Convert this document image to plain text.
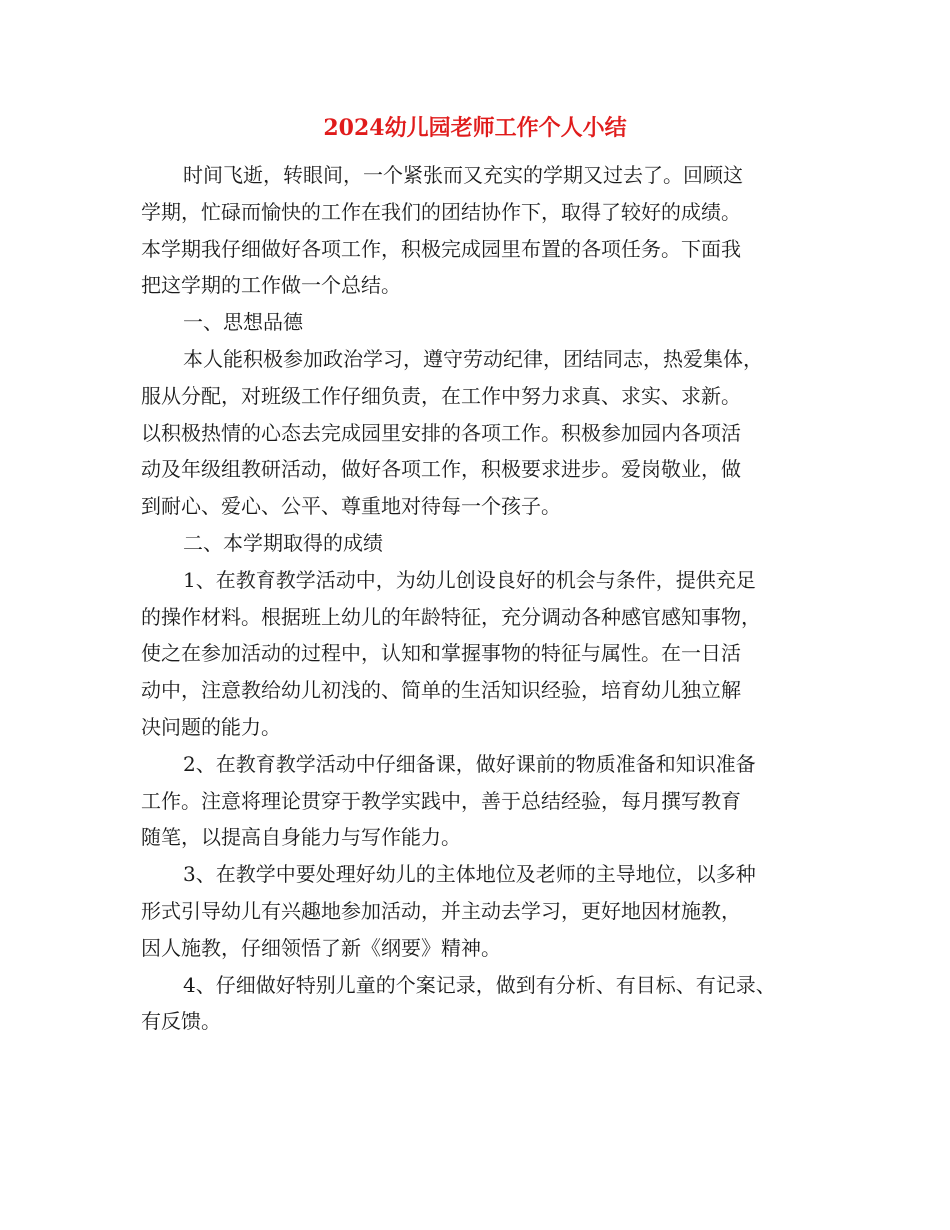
2024幼儿园老师工作个人小结

时间飞逝，转眼间，一个紧张而又充实的学期又过去了。回顾这
学期，忙碌而愉快的工作在我们的团结协作下，取得了较好的成绩。
本学期我仔细做好各项工作，积极完成园里布置的各项任务。下面我
把这学期的工作做一个总结。

一、思想品德

本人能积极参加政治学习，遵守劳动纪律，团结同志，热爱集体，
服从分配，对班级工作仔细负责，在工作中努力求真、求实、求新。
以积极热情的心态去完成园里安排的各项工作。积极参加园内各项活
动及年级组教研活动，做好各项工作，积极要求进步。爱岗敬业，做
到耐心、爱心、公平、尊重地对待每一个孩子。

二、本学期取得的成绩

1、在教育教学活动中，为幼儿创设良好的机会与条件，提供充足
的操作材料。根据班上幼儿的年龄特征，充分调动各种感官感知事物，
使之在参加活动的过程中，认知和掌握事物的特征与属性。在一日活
动中，注意教给幼儿初浅的、简单的生活知识经验，培育幼儿独立解
决问题的能力。

2、在教育教学活动中仔细备课，做好课前的物质准备和知识准备
工作。注意将理论贯穿于教学实践中，善于总结经验，每月撰写教育
随笔，以提高自身能力与写作能力。

3、在教学中要处理好幼儿的主体地位及老师的主导地位，以多种
形式引导幼儿有兴趣地参加活动，并主动去学习，更好地因材施教，
因人施教，仔细领悟了新《纲要》精神。

4、仔细做好特别儿童的个案记录，做到有分析、有目标、有记录、
有反馈。
